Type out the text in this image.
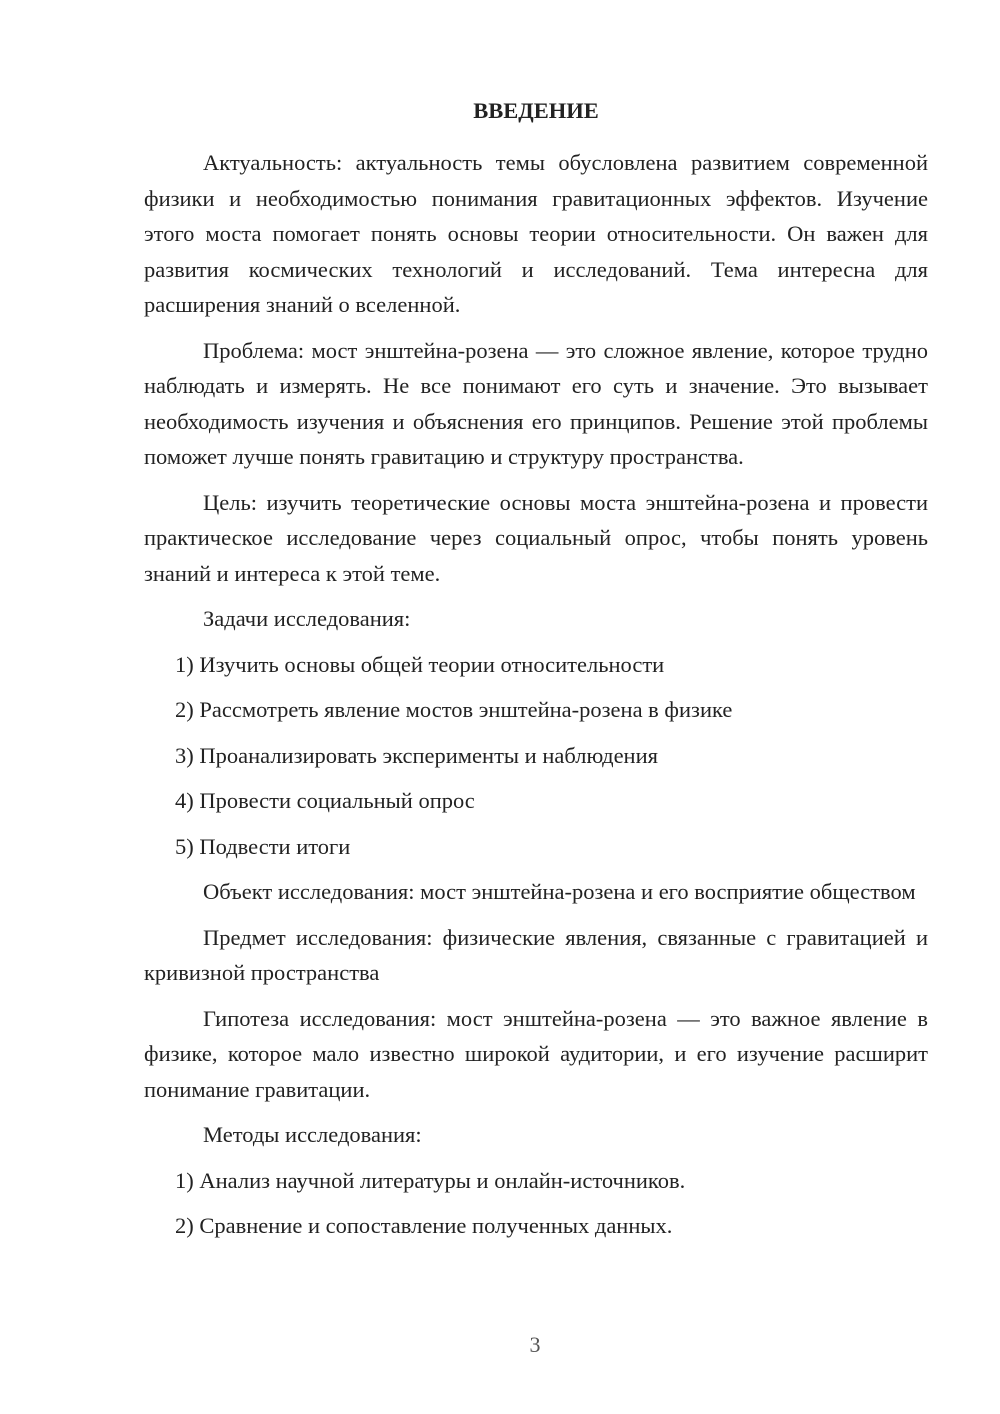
ВВЕДЕНИЕ

Актуальность: актуальность темы обусловлена развитием современной физики и необходимостью понимания гравитационных эффектов. Изучение этого моста помогает понять основы теории относительности. Он важен для развития космических технологий и исследований. Тема интересна для расширения знаний о вселенной.

Проблема: мост энштейна-розена — это сложное явление, которое трудно наблюдать и измерять. Не все понимают его суть и значение. Это вызывает необходимость изучения и объяснения его принципов. Решение этой проблемы поможет лучше понять гравитацию и структуру пространства.

Цель: изучить теоретические основы моста энштейна-розена и провести практическое исследование через социальный опрос, чтобы понять уровень знаний и интереса к этой теме.

Задачи исследования:

1) Изучить основы общей теории относительности

2) Рассмотреть явление мостов энштейна-розена в физике

3) Проанализировать эксперименты и наблюдения

4) Провести социальный опрос

5) Подвести итоги

Объект исследования: мост энштейна-розена и его восприятие обществом

Предмет исследования: физические явления, связанные с гравитацией и кривизной пространства

Гипотеза исследования: мост энштейна-розена — это важное явление в физике, которое мало известно широкой аудитории, и его изучение расширит понимание гравитации.

Методы исследования:

1) Анализ научной литературы и онлайн-источников.

2) Сравнение и сопоставление полученных данных.

3
